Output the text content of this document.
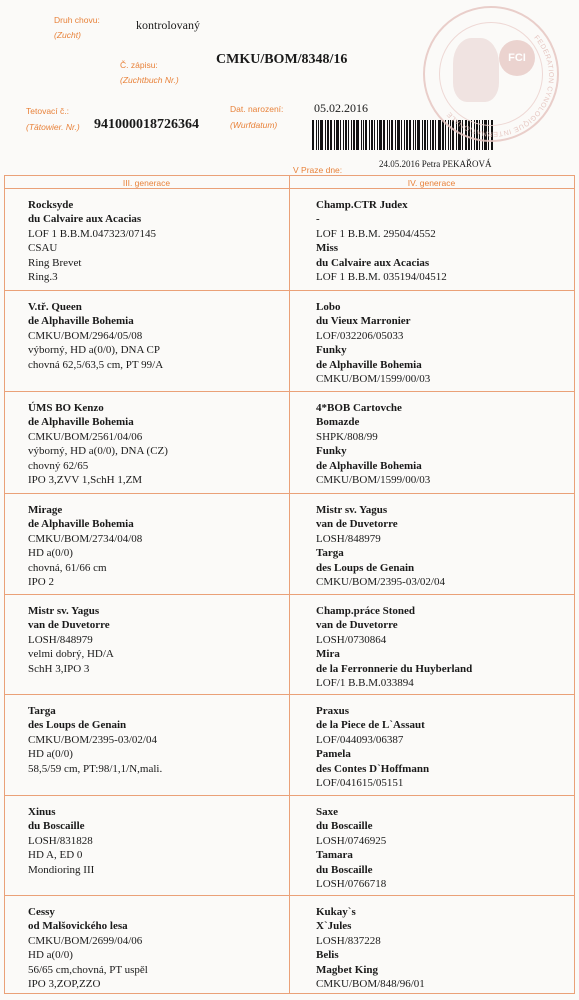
Druh chovu:
(Zucht)
kontrolovaný
Č. zápisu:
(Zuchtbuch Nr.)
CMKU/BOM/8348/16
Tetovací č.:
(Tätowier. Nr.) 941000018726364
Dat. narození:
(Wurfdatum)
05.02.2016
V Praze dne:
24.05.2016 Petra PEKAŘOVÁ
FCI
FEDERATION CYNOLOGIQUE INTERNATIONALE
III. generace	IV. generace
Rocksyde
du Calvaire aux Acacias
LOF 1 B.B.M.047323/07145
CSAU
Ring Brevet
Ring.3
Champ.CTR Judex
-
LOF 1 B.B.M. 29504/4552
Miss
du Calvaire aux Acacias
LOF 1 B.B.M. 035194/04512
V.tř. Queen
de Alphaville Bohemia
CMKU/BOM/2964/05/08
výborný, HD a(0/0), DNA CP
chovná 62,5/63,5 cm, PT 99/A
Lobo
du Vieux Marronier
LOF/032206/05033
Funky
de Alphaville Bohemia
CMKU/BOM/1599/00/03
ÚMS BO Kenzo
de Alphaville Bohemia
CMKU/BOM/2561/04/06
výborný, HD a(0/0), DNA (CZ)
chovný 62/65
IPO 3,ZVV 1,SchH 1,ZM
4*BOB Cartovche
Bomazde
SHPK/808/99
Funky
de Alphaville Bohemia
CMKU/BOM/1599/00/03
Mirage
de Alphaville Bohemia
CMKU/BOM/2734/04/08
HD a(0/0)
chovná, 61/66 cm
IPO 2
Mistr sv. Yagus
van de Duvetorre
LOSH/848979
Targa
des Loups de Genain
CMKU/BOM/2395-03/02/04
Mistr sv. Yagus
van de Duvetorre
LOSH/848979
velmi dobrý, HD/A
SchH 3,IPO 3
Champ.práce Stoned
van de Duvetorre
LOSH/0730864
Mira
de la Ferronnerie du Huyberland
LOF/1 B.B.M.033894
Targa
des Loups de Genain
CMKU/BOM/2395-03/02/04
HD a(0/0)
58,5/59 cm, PT:98/1,1/N,mali.
Praxus
de la Piece de L`Assaut
LOF/044093/06387
Pamela
des Contes D`Hoffmann
LOF/041615/05151
Xinus
du Boscaille
LOSH/831828
HD A, ED 0
Mondioring III
Saxe
du Boscaille
LOSH/0746925
Tamara
du Boscaille
LOSH/0766718
Cessy
od Malšovického lesa
CMKU/BOM/2699/04/06
HD a(0/0)
56/65 cm,chovná, PT uspěl
IPO 3,ZOP,ZZO
Kukay`s
X`Jules
LOSH/837228
Belis
Magbet King
CMKU/BOM/848/96/01
